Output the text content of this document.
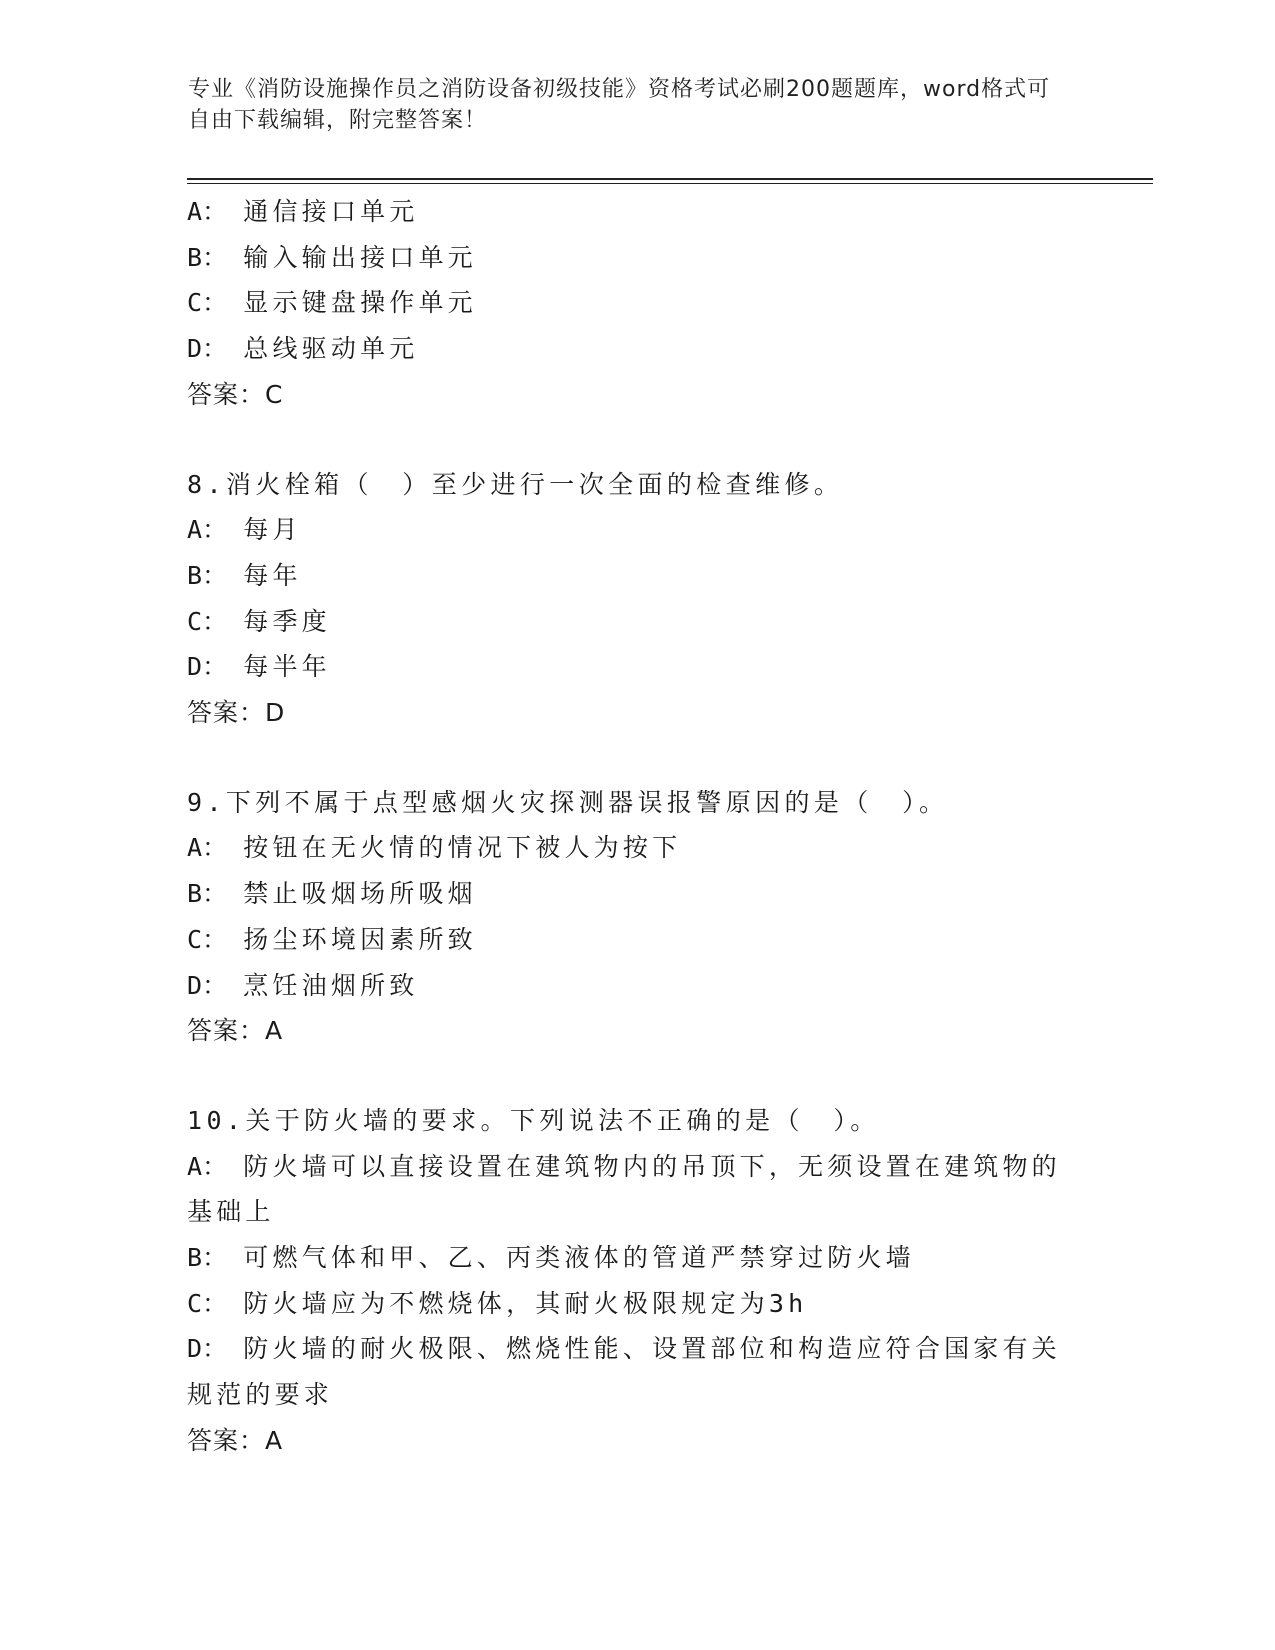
专业《消防设施操作员之消防设备初级技能》资格考试必刷200题题库，word格式可自由下载编辑，附完整答案！
A： 通信接口单元
B： 输入输出接口单元
C： 显示键盘操作单元
D： 总线驱动单元
答案：C
8.消火栓箱（　）至少进行一次全面的检查维修。
A： 每月
B： 每年
C： 每季度
D： 每半年
答案：D
9.下列不属于点型感烟火灾探测器误报警原因的是（　）。
A： 按钮在无火情的情况下被人为按下
B： 禁止吸烟场所吸烟
C： 扬尘环境因素所致
D： 烹饪油烟所致
答案：A
10.关于防火墙的要求。下列说法不正确的是（　）。
A： 防火墙可以直接设置在建筑物内的吊顶下，无须设置在建筑物的基础上
B： 可燃气体和甲、乙、丙类液体的管道严禁穿过防火墙
C： 防火墙应为不燃烧体，其耐火极限规定为3h
D： 防火墙的耐火极限、燃烧性能、设置部位和构造应符合国家有关规范的要求
答案：A
